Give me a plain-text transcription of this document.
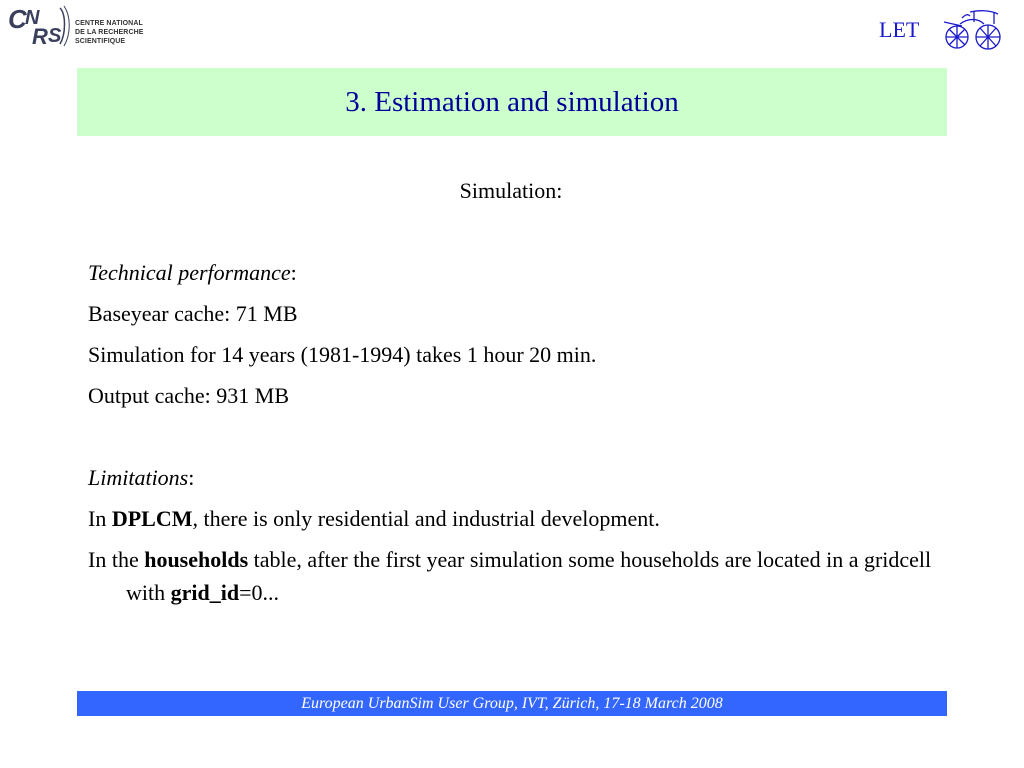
C
N
R S
CENTRE NATIONAL
DE LA RECHERCHE
SCIENTIFIQUE	LET
3. Estimation and simulation
Simulation:
Technical performance:
Baseyear cache: 71 MB
Simulation for 14 years (1981-1994) takes 1 hour 20 min.
Output cache: 931 MB
Limitations:
In DPLCM, there is only residential and industrial development.
In the households table, after the first year simulation some households are located in a gridcell with grid_id=0...
European UrbanSim User Group, IVT, Zürich, 17-18 March 2008
